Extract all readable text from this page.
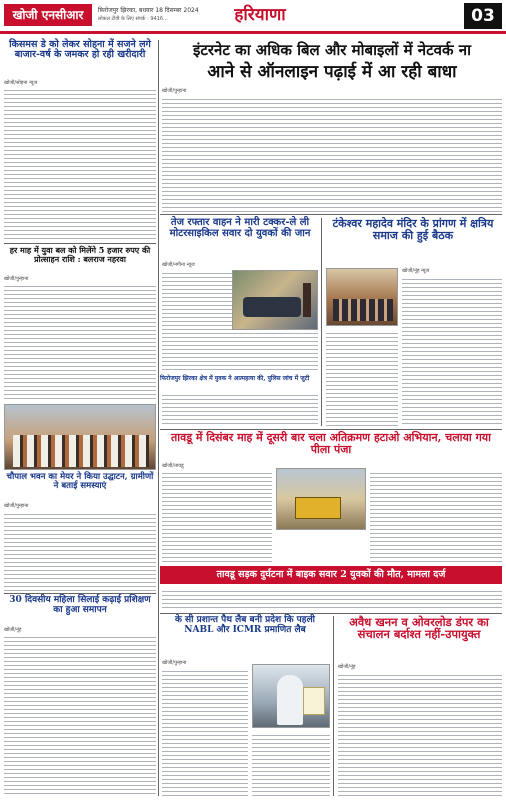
खोजी एनसीआर	फ़िरोजपुर झिरका, बधवार 18 दिसम्बर 2024
लोकल टीवी के लिए संपर्क : 9416...	हरियाणा	03
इंटरनेट का अधिक बिल और मोबाइलों में नेटवर्क ना
आने से ऑनलाइन पढ़ाई में आ रही बाधा
खोजी/पुन्हाना
किसमस डे को लेकर सोहना में सजने लगे बाजार-वर्ष के जमकर हो रही खरीदारी
खोजी/सोहना न्यूज
हर माह में युवा बल को मिलेंगे 5 हजार रुपए की प्रोत्साहन राशि : बलराज नहरवा
खोजी/पुन्हाना
तेज रफ्तार वाहन ने मारी टक्कर-ले ली मोटरसाइकिल सवार दो युवकों की जान
खोजी/नगीना न्यूज
टंकेश्वर महादेव मंदिर के प्रांगण में क्षत्रिय समाज की हुई बैठक
खोजी/नूंह न्यूज
फिरोजपुर झिरका क्षेत्र में युवक ने आत्महत्या की, पुलिस जांच में जुटी
तावडू में दिसंबर माह में दूसरी बार चला अतिक्रमण हटाओ अभियान, चलाया गया पीला पंजा
खोजी/तावडू
चौपाल भवन का मेयर ने किया उद्घाटन, ग्रामीणों ने बताई समस्याएं
खोजी/पुन्हाना
तावडू सड़क दुर्घटना में बाइक सवार 2 युवकों की मौत, मामला दर्ज
30 दिवसीय महिला सिलाई कढ़ाई प्रशिक्षण का हुआ समापन
खोजी/नूंह
के सी प्रशान्त पैथ लैब बनी प्रदेश कि पहली NABL और ICMR प्रमाणित लैब
खोजी/पुन्हाना
अवैध खनन व ओवरलोड डंपर का संचालन बर्दाश्त नहीं-उपायुक्त
खोजी/नूंह
